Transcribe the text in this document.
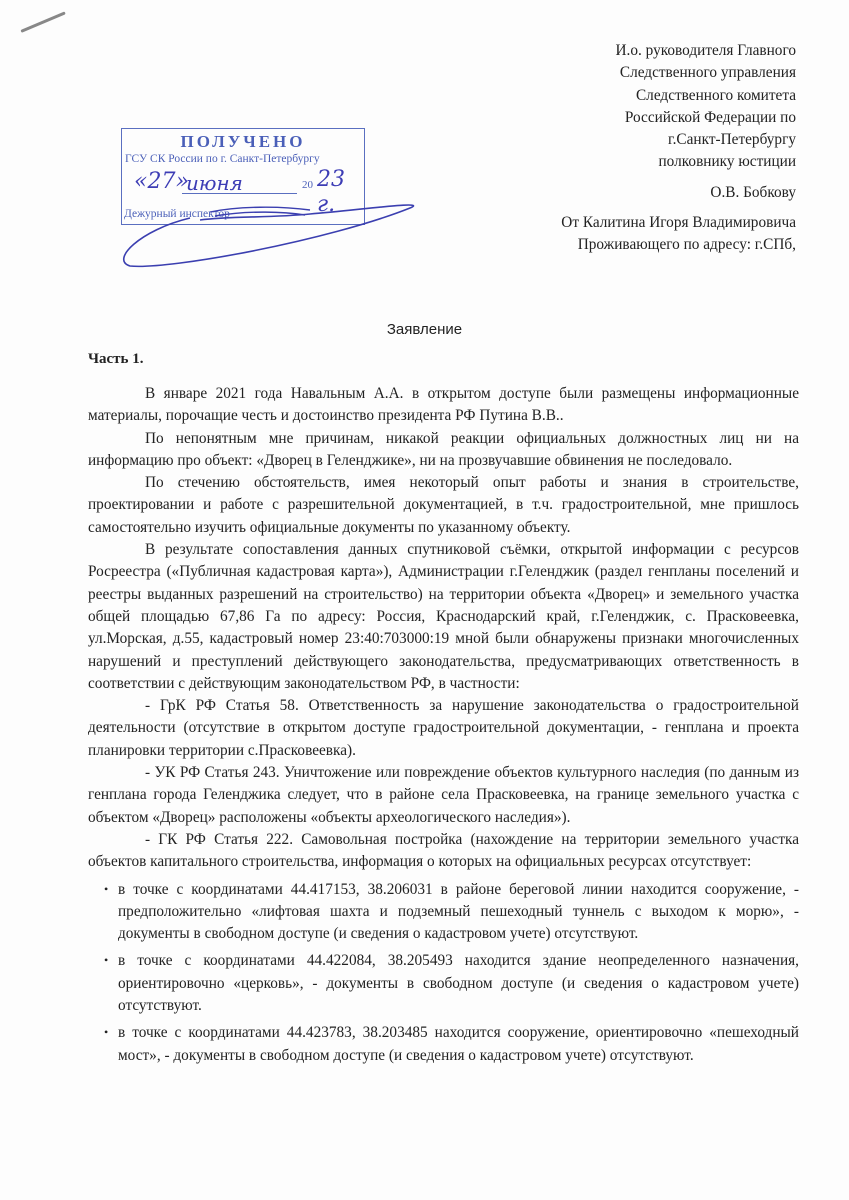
ПОЛУЧЕНО
ГСУ СК России по г. Санкт-Петербургу
«27»
июня	20 23 г.
Дежурный инспектор
И.о. руководителя Главного
Следственного управления
Следственного комитета
Российской Федерации по
г.Санкт-Петербургу
полковнику юстиции
О.В. Бобкову
От Калитина Игоря Владимировича
Проживающего по адресу: г.СПб,
Заявление
Часть 1.

В январе 2021 года Навальным А.А. в открытом доступе были размещены информационные материалы, порочащие честь и достоинство президента РФ Путина В.В..

По непонятным мне причинам, никакой реакции официальных должностных лиц ни на информацию про объект: «Дворец в Геленджике», ни на прозвучавшие обвинения не последовало.

По стечению обстоятельств, имея некоторый опыт работы и знания в строительстве, проектировании и работе с разрешительной документацией, в т.ч. градостроительной, мне пришлось самостоятельно изучить официальные документы по указанному объекту.

В результате сопоставления данных спутниковой съёмки, открытой информации с ресурсов Росреестра («Публичная кадастровая карта»), Администрации г.Геленджик (раздел генпланы поселений и реестры выданных разрешений на строительство) на территории объекта «Дворец» и земельного участка общей площадью 67,86 Га по адресу: Россия, Краснодарский край, г.Геленджик, с. Прасковеевка, ул.Морская, д.55, кадастровый номер 23:40:703000:19 мной были обнаружены признаки многочисленных нарушений и преступлений действующего законодательства, предусматривающих ответственность в соответствии с действующим законодательством РФ, в частности:

- ГрК РФ Статья 58. Ответственность за нарушение законодательства о градостроительной деятельности (отсутствие в открытом доступе градостроительной документации, - генплана и проекта планировки территории с.Прасковеевка).

- УК РФ Статья 243. Уничтожение или повреждение объектов культурного наследия (по данным из генплана города Геленджика следует, что в районе села Прасковеевка, на границе земельного участка с объектом «Дворец» расположены «объекты археологического наследия»).

- ГК РФ Статья 222. Самовольная постройка (нахождение на территории земельного участка объектов капитального строительства, информация о которых на официальных ресурсах отсутствует:

• в точке с координатами 44.417153, 38.206031 в районе береговой линии находится сооружение, - предположительно «лифтовая шахта и подземный пешеходный туннель с выходом к морю», - документы в свободном доступе (и сведения о кадастровом учете) отсутствуют.
• в точке с координатами 44.422084, 38.205493 находится здание неопределенного назначения, ориентировочно «церковь», - документы в свободном доступе (и сведения о кадастровом учете) отсутствуют.
• в точке с координатами 44.423783, 38.203485 находится сооружение, ориентировочно «пешеходный мост», - документы в свободном доступе (и сведения о кадастровом учете) отсутствуют.
